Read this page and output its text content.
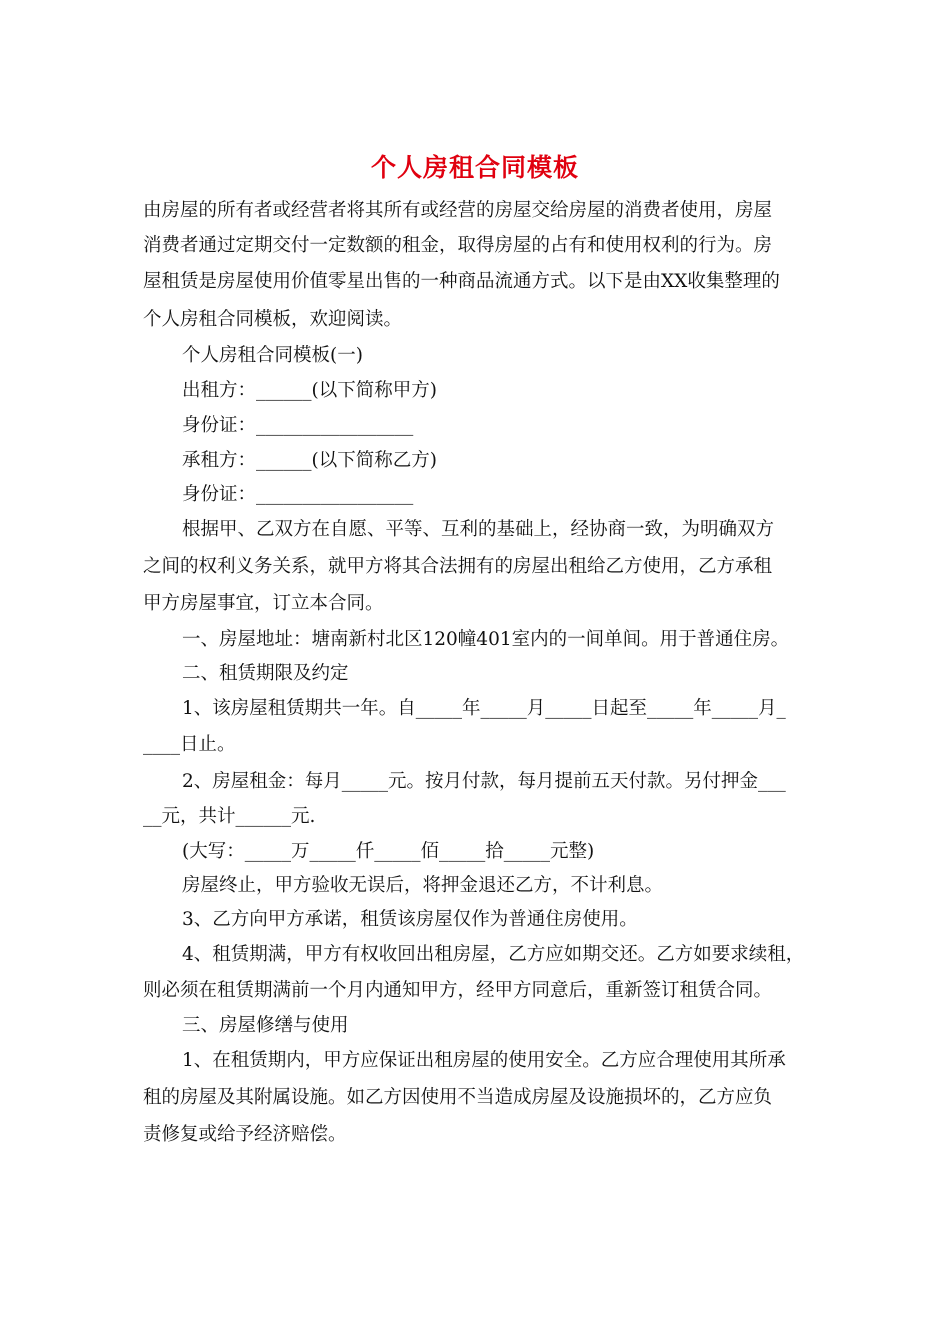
个人房租合同模板
由房屋的所有者或经营者将其所有或经营的房屋交给房屋的消费者使用，房屋
消费者通过定期交付一定数额的租金，取得房屋的占有和使用权利的行为。房
屋租赁是房屋使用价值零星出售的一种商品流通方式。以下是由XX收集整理的
个人房租合同模板，欢迎阅读。
个人房租合同模板(一)
出租方：______(以下简称甲方)
身份证：_________________
承租方：______(以下简称乙方)
身份证：_________________
根据甲、乙双方在自愿、平等、互利的基础上，经协商一致，为明确双方
之间的权利义务关系，就甲方将其合法拥有的房屋出租给乙方使用，乙方承租
甲方房屋事宜，订立本合同。
一、房屋地址：塘南新村北区120幢401室内的一间单间。用于普通住房。
二、租赁期限及约定
1、该房屋租赁期共一年。自_____年_____月_____日起至_____年_____月_
____日止。
2、房屋租金：每月_____元。按月付款，每月提前五天付款。另付押金___
__元，共计______元.
(大写：_____万_____仟_____佰_____拾_____元整)
房屋终止，甲方验收无误后，将押金退还乙方，不计利息。
3、乙方向甲方承诺，租赁该房屋仅作为普通住房使用。
4、租赁期满，甲方有权收回出租房屋，乙方应如期交还。乙方如要求续租，
则必须在租赁期满前一个月内通知甲方，经甲方同意后，重新签订租赁合同。
三、房屋修缮与使用
1、在租赁期内，甲方应保证出租房屋的使用安全。乙方应合理使用其所承
租的房屋及其附属设施。如乙方因使用不当造成房屋及设施损坏的，乙方应负
责修复或给予经济赔偿。
